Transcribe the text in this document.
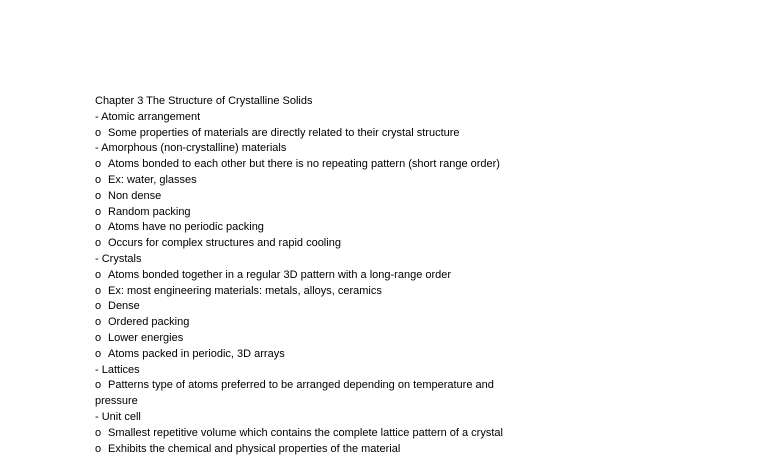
Chapter 3 The Structure of Crystalline Solids
- Atomic arrangement
o Some properties of materials are directly related to their crystal structure
- Amorphous (non-crystalline) materials
o Atoms bonded to each other but there is no repeating pattern (short range order)
o Ex: water, glasses
o Non dense
o Random packing
o Atoms have no periodic packing
o Occurs for complex structures and rapid cooling
- Crystals
o Atoms bonded together in a regular 3D pattern with a long-range order
o Ex: most engineering materials: metals, alloys, ceramics
o Dense
o Ordered packing
o Lower energies
o Atoms packed in periodic, 3D arrays
- Lattices
o Patterns type of atoms preferred to be arranged depending on temperature and
pressure
- Unit cell
o Smallest repetitive volume which contains the complete lattice pattern of a crystal
o Exhibits the chemical and physical properties of the material
